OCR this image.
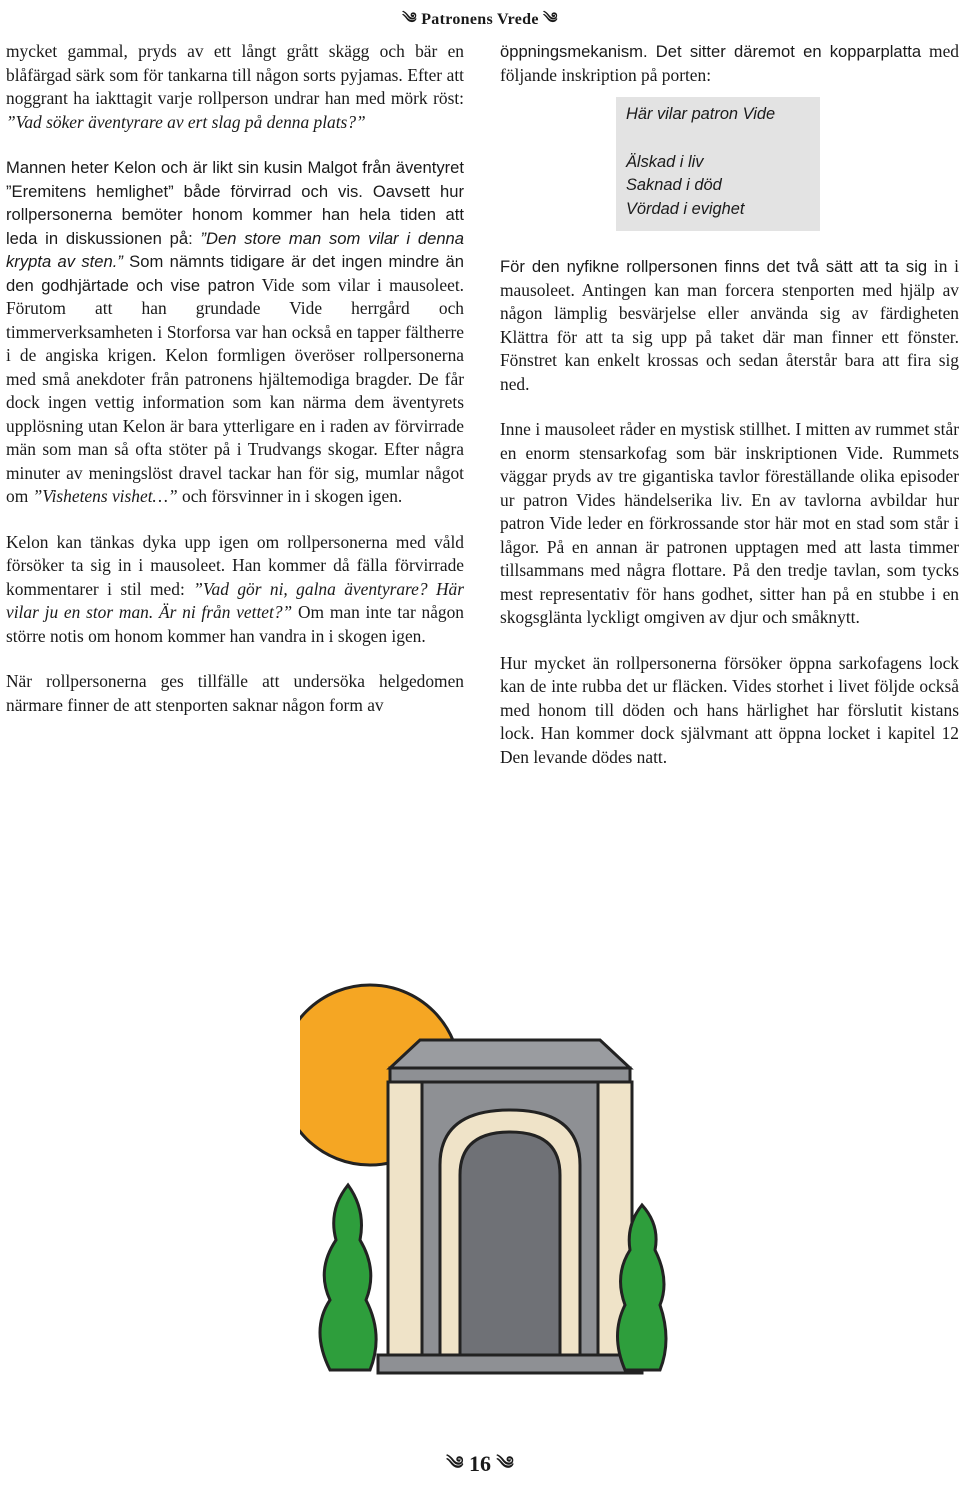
༄ Patronens Vrede ༄

mycket gammal, pryds av ett långt grått skägg och bär en blåfärgad särk som för tankarna till någon sorts pyjamas. Efter att noggrant ha iakttagit varje rollperson undrar han med mörk röst: ”Vad söker äventyrare av ert slag på denna plats?”

Mannen heter Kelon och är likt sin kusin Malgot från äventyret ”Eremitens hemlighet” både förvirrad och vis. Oavsett hur rollpersonerna bemöter honom kommer han hela tiden att leda in diskussionen på: ”Den store man som vilar i denna krypta av sten.” Som nämnts tidigare är det ingen mindre än den godhjärtade och vise patron Vide som vilar i mausoleet. Förutom att han grundade Vide herrgård och timmerverksamheten i Storforsa var han också en tapper fältherre i de angiska krigen. Kelon formligen överöser rollpersonerna med små anekdoter från patronens hjältemodiga bragder. De får dock ingen vettig information som kan närma dem äventyrets upplösning utan Kelon är bara ytterligare en i raden av förvirrade män som man så ofta stöter på i Trudvangs skogar. Efter några minuter av meningslöst dravel tackar han för sig, mumlar något om ”Vishetens vishet…” och försvinner in i skogen igen.

Kelon kan tänkas dyka upp igen om rollpersonerna med våld försöker ta sig in i mausoleet. Han kommer då fälla förvirrade kommentarer i stil med: ”Vad gör ni, galna äventyrare? Här vilar ju en stor man. Är ni från vettet?” Om man inte tar någon större notis om honom kommer han vandra in i skogen igen.

När rollpersonerna ges tillfälle att undersöka helgedomen närmare finner de att stenporten saknar någon form av

öppningsmekanism. Det sitter däremot en kopparplatta med följande inskription på porten:

Här vilar patron Vide
Älskad i liv
Saknad i död
Vördad i evighet

För den nyfikne rollpersonen finns det två sätt att ta sig in i mausoleet. Antingen kan man forcera stenporten med hjälp av någon lämplig besvärjelse eller använda sig av färdigheten Klättra för att ta sig upp på taket där man finner ett fönster. Fönstret kan enkelt krossas och sedan återstår bara att fira sig ned.

Inne i mausoleet råder en mystisk stillhet. I mitten av rummet står en enorm stensarkofag som bär inskriptionen Vide. Rummets väggar pryds av tre gigantiska tavlor föreställande olika episoder ur patron Vides händelserika liv. En av tavlorna avbildar hur patron Vide leder en förkrossande stor här mot en stad som står i lågor. På en annan är patronen upptagen med att lasta timmer tillsammans med några flottare. På den tredje tavlan, som tycks mest representativ för hans godhet, sitter han på en stubbe i en skogsglänta lyckligt omgiven av djur och småknytt.

Hur mycket än rollpersonerna försöker öppna sarkofagens lock kan de inte rubba det ur fläcken. Vides storhet i livet följde också med honom till döden och hans härlighet har förslutit kistans lock. Han kommer dock självmant att öppna locket i kapitel 12 Den levande dödes natt.

༄ 16 ༄
